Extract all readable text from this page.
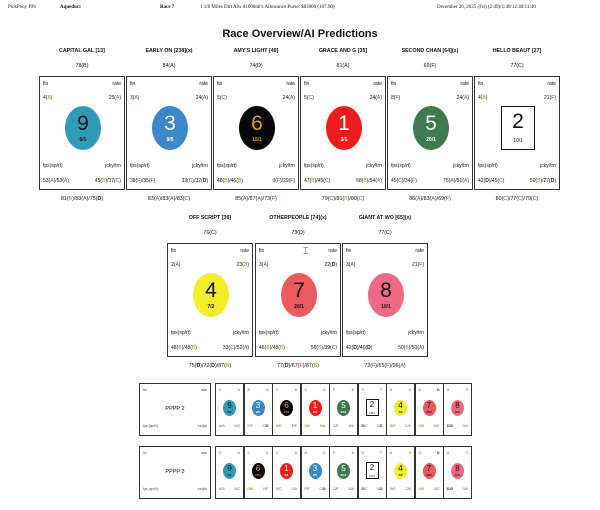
PickPony PPs	Aqueduct	Race 7	1 1/8 Miles Dirt Alw 81000ntl's Allowance Purse: $83000 (107.90)	December 26, 2025 (Fri) (2:49)/1:40/12:40/11:40
Race Overview/AI Predictions
CAPITAL GAL [13]
78(B)
fin	rate
4(B)	25(A)
fps(sp/rt)	jcky/trn
53(A)/53(A)	45(B)/37(C)
9
6/1
81(B)/83(A)/75(D)
EARLY ON [238](x)
84(A)
fin	rate
3(A)	24(A)
fps(sp/rt)	jcky/trn
38(F)/35(F)	33(C)/32(D)
3
9/5
83(A)/83(A)/83(C)
AMY'S LIGHT [49]
74(D)
fin	rate
5(C)	24(A)
fps(sp/rt)	jcky/trn
48(B)/46(B)	0(F)/29(F)
6
15/1
85(A)/87(A)/73(F)
GRACE AND G [35]
81(A)
fin	rate
5(C)	24(A)
fps(sp/rt)	jcky/trn
47(B)/45(C)	58(B)/54(A)
1
3/1
79(C)/81(B)/80(C)
SECOND CHAN [64](x)
69(F)
fin	rate
8(F)	24(A)
fps(sp/rt)	jcky/trn
45(C)/34(F)	75(A)/51(A)
5
20/1
86(A)/83(A)/69(F)
HELLO BEAUT [27]
77(C)
fin	rate
4(B)	21(F)
fps(sp/rt)	jcky/trn
42(D)/45(C)	50(B)/27(D)
2
10/1
80(C)/77(C)/79(C)
OFF SCRIPT [36]
76(C)
fin	rate
2(A)	23(B)
fps(sp/rt)	jcky/trn
48(B)/48(B)	33(C)/52(A)
4
7/2
75(D)/72(D)/87(B)
OTHERPEOPLE [74](x)
73(D)
fin	rate
3(A)	22(D)
fps(sp/rt)	jcky/trn
46(B)/48(B)	56(B)/39(C)
7
20/1
77(D)/67(F)/87(B)
GIANT AT WO [65](x)
77(C)
fin	rate
3(A)	21(F)
fps(sp/rt)	jcky/trn
42(D)/40(D)	50(B)/50(A)
8
10/1
72(F)/65(F)/96(A)
fin	rate
PPPP 2
fps (sp/rt)	trn/jck
B	A
A/A	B/C
9
6/1
A	A
F/F	C/D
3
9/5
C	A
B/B	F/F
6
15/1
C	A
B/C	B/A
1
3/1
F	A
C/F	A/A
5
20/1
B	F
D/C	B/D
2
10/1
A	B
B/B	C/A
4
7/2
A	D
B/B	B/C
7
20/1
A	F
D/D	B/A
8
10/1
fin	rate
PPPP 3
fps (sp/rt)	trn/jck
B	A
A/A	B/C
9
6/1
C	A
B/B	F/F
6
15/1
C	A
B/C	B/A
1
3/1
A	A
F/F	C/D
3
9/5
F	A
C/F	A/A
5
20/1
B	F
D/C	B/D
2
10/1
A	B
B/B	C/A
4
7/2
A	D
B/B	B/C
7
20/1
A	F
D/D	B/A
8
10/1
⌶
